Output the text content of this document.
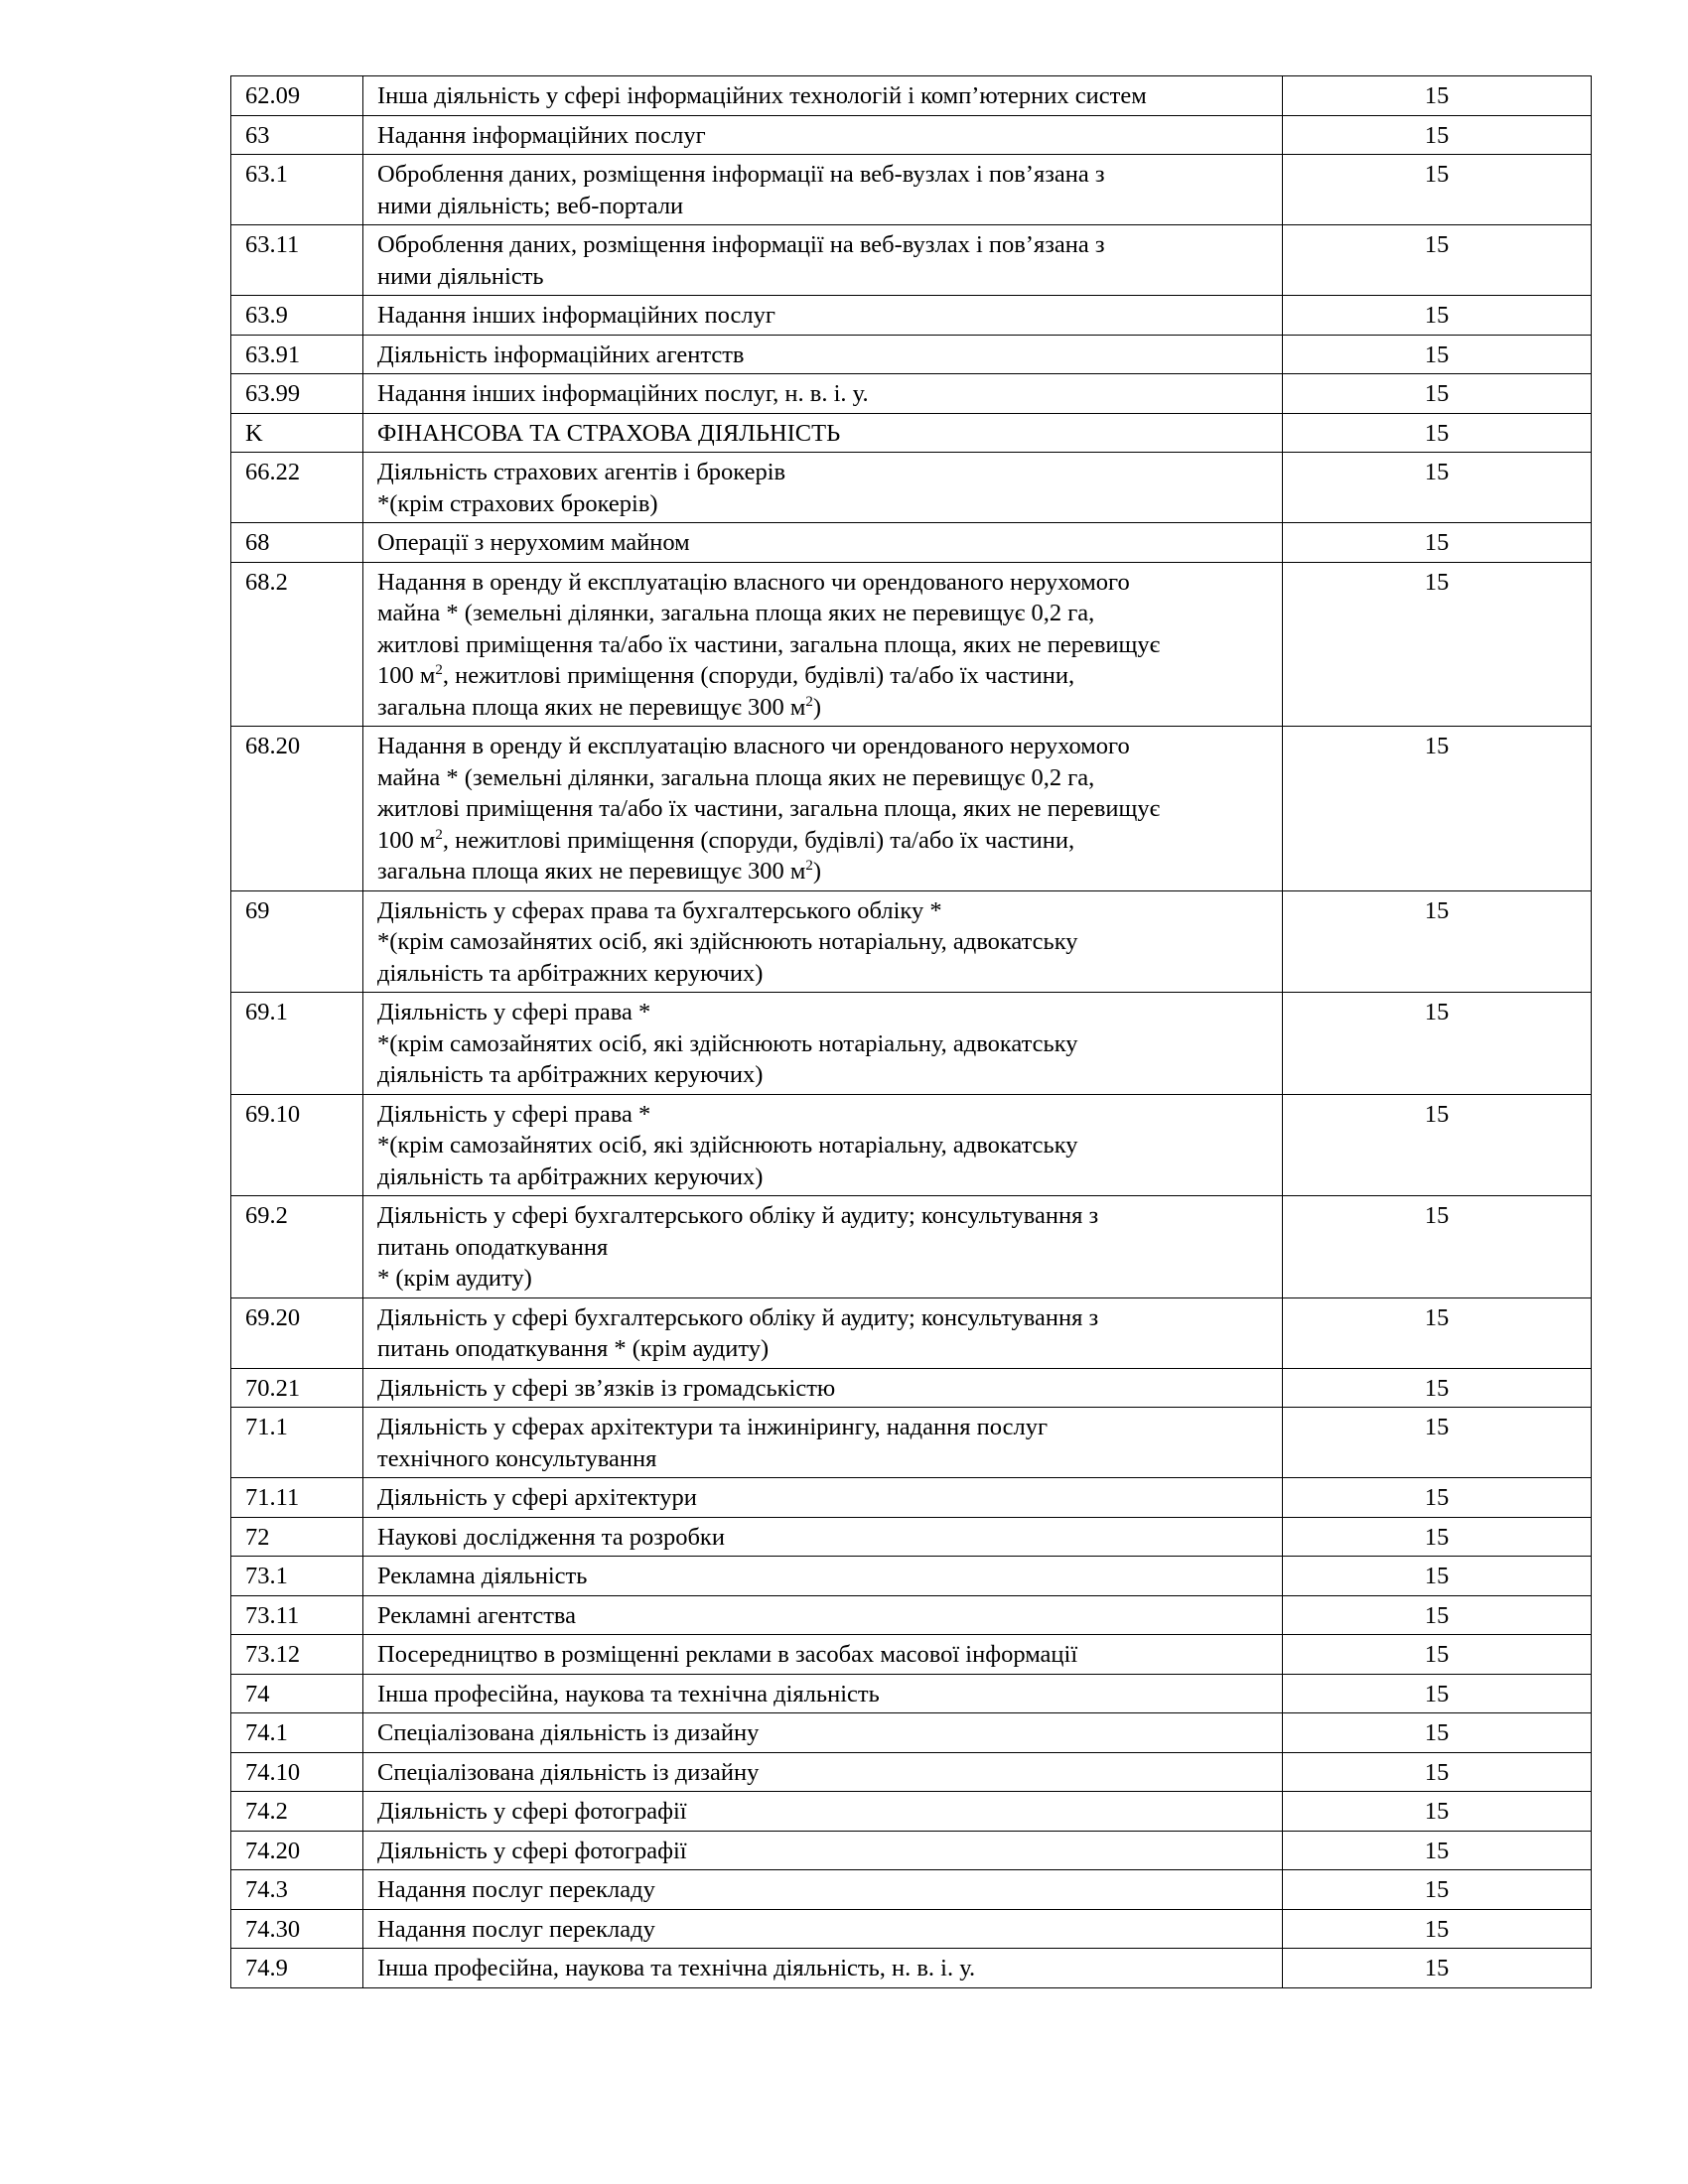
62.09	Інша діяльність у сфері інформаційних технологій і комп’ютерних систем	15
63	Надання інформаційних послуг	15
63.1	Оброблення даних, розміщення інформації на веб-вузлах і пов’язана з
ними діяльність; веб-портали	15
63.11	Оброблення даних, розміщення інформації на веб-вузлах і пов’язана з
ними діяльність	15
63.9	Надання інших інформаційних послуг	15
63.91	Діяльність інформаційних агентств	15
63.99	Надання інших інформаційних послуг, н. в. і. у.	15
K	ФІНАНСОВА ТА СТРАХОВА ДІЯЛЬНІСТЬ	15
66.22	Діяльність страхових агентів і брокерів
*(крім страхових брокерів)	15
68	Операції з нерухомим майном	15
68.2	Надання в оренду й експлуатацію власного чи орендованого нерухомого
майна * (земельні ділянки, загальна площа яких не перевищує 0,2 га,
житлові приміщення та/або їх частини, загальна площа, яких не перевищує
100 $м^2$, нежитлові приміщення (споруди, будівлі) та/або їх частини,
загальна площа яких не перевищує 300 $м^2$)	15
68.20	Надання в оренду й експлуатацію власного чи орендованого нерухомого
майна * (земельні ділянки, загальна площа яких не перевищує 0,2 га,
житлові приміщення та/або їх частини, загальна площа, яких не перевищує
100 $м^2$, нежитлові приміщення (споруди, будівлі) та/або їх частини,
загальна площа яких не перевищує 300 $м^2$)	15
69	Діяльність у сферах права та бухгалтерського обліку *
*(крім самозайнятих осіб, які здійснюють нотаріальну, адвокатську
діяльність та арбітражних керуючих)	15
69.1	Діяльність у сфері права *
*(крім самозайнятих осіб, які здійснюють нотаріальну, адвокатську
діяльність та арбітражних керуючих)	15
69.10	Діяльність у сфері права *
*(крім самозайнятих осіб, які здійснюють нотаріальну, адвокатську
діяльність та арбітражних керуючих)	15
69.2	Діяльність у сфері бухгалтерського обліку й аудиту; консультування з
питань оподаткування
* (крім аудиту)	15
69.20	Діяльність у сфері бухгалтерського обліку й аудиту; консультування з
питань оподаткування * (крім аудиту)	15
70.21	Діяльність у сфері зв’язків із громадськістю	15
71.1	Діяльність у сферах архітектури та інжинірингу, надання послуг
технічного консультування	15
71.11	Діяльність у сфері архітектури	15
72	Наукові дослідження та розробки	15
73.1	Рекламна діяльність	15
73.11	Рекламні агентства	15
73.12	Посередництво в розміщенні реклами в засобах масової інформації	15
74	Інша професійна, наукова та технічна діяльність	15
74.1	Спеціалізована діяльність із дизайну	15
74.10	Спеціалізована діяльність із дизайну	15
74.2	Діяльність у сфері фотографії	15
74.20	Діяльність у сфері фотографії	15
74.3	Надання послуг перекладу	15
74.30	Надання послуг перекладу	15
74.9	Інша професійна, наукова та технічна діяльність, н. в. і. у.	15
